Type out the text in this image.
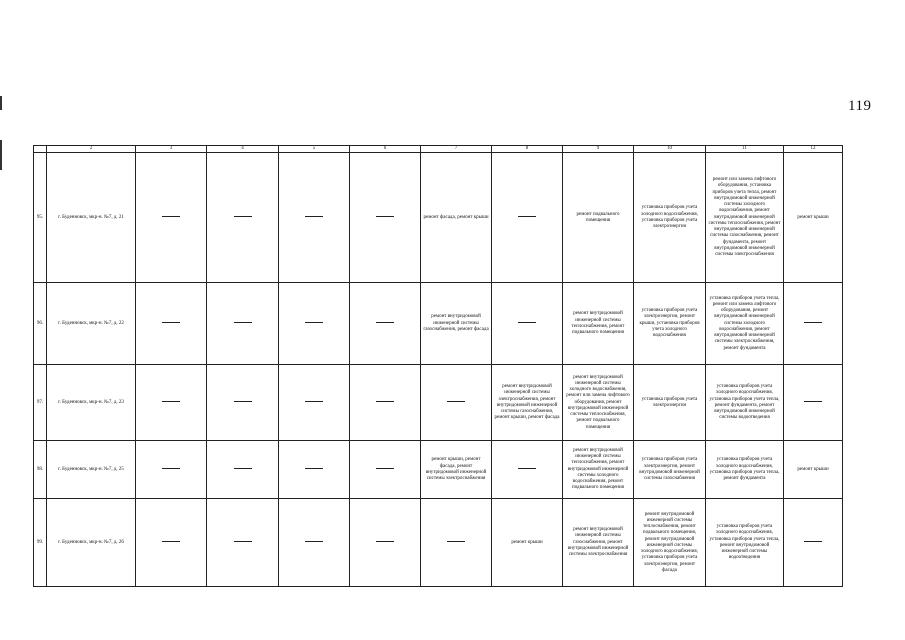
119
	2	3	4	5	6	7	8	9	10	11	12
95.	г. Буденновск, мкр-н. №7, д. 21					ремонт фасада, ремонт крыши		ремонт подвального помещения	установка приборов учета холодного водоснабжения, установка приборов учета электроэнергии	ремонт или замена лифтового оборудования, установка приборов учета тепла, ремонт внутридомовой инженерной системы холодного водоснабжения, ремонт внутридомовой инженерной системы теплоснабжения, ремонт внутридомовой инженерной системы газоснабжения, ремонт фундамента, ремонт внутридомовой инженерной системы электроснабжения	ремонт крыши
96.	г. Буденновск, мкр-н. №7, д. 22					ремонт внутридомовой инженерной системы газоснабжения, ремонт фасада		ремонт внутридомовой инженерной системы теплоснабжения, ремонт подвального помещения	установка приборов учета электроэнергии, ремонт крыши, установка приборов учета холодного водоснабжения	установка приборов учета тепла, ремонт или замена лифтового оборудования, ремонт внутридомовой инженерной системы холодного водоснабжения, ремонт внутридомовой инженерной системы электроснабжения, ремонт фундамента	
97.	г. Буденновск, мкр-н. №7, д. 23						ремонт внутридомовой инженерной системы электроснабжения, ремонт внутридомовой инженерной системы газоснабжения, ремонт крыши, ремонт фасада	ремонт внутридомовой инженерной системы холодного водоснабжения, ремонт или замена лифтового оборудования, ремонт внутридомовой инженерной системы теплоснабжения, ремонт подвального помещения	установка приборов учета электроэнергии	установка приборов учета холодного водоснабжения, установка приборов учета тепла, ремонт фундамента, ремонт внутридомовой инженерной системы водоотведения	
98.	г. Буденновск, мкр-н. №7, д. 25					ремонт крыши, ремонт фасада, ремонт внутридомовой инженерной системы электроснабжения		ремонт внутридомовой инженерной системы теплоснабжения, ремонт внутридомовой инженерной системы холодного водоснабжения, ремонт подвального помещения	установка приборов учета электроэнергии, ремонт внутридомовой инженерной системы газоснабжения	установка приборов учета холодного водоснабжения, установка приборов учета тепла, ремонт фундамента	ремонт крыши
99.	г. Буденновск, мкр-н. №7, д. 26						ремонт крыши	ремонт внутридомовой инженерной системы газоснабжения, ремонт внутридомовой инженерной системы электроснабжения	ремонт внутридомовой инженерной системы теплоснабжения, ремонт подвального помещения, ремонт внутридомовой инженерной системы холодного водоснабжения, установка приборов учета электроэнергии, ремонт фасада	установка приборов учета холодного водоснабжения, установка приборов учета тепла, ремонт внутридомовой инженерной системы водоотведения	
